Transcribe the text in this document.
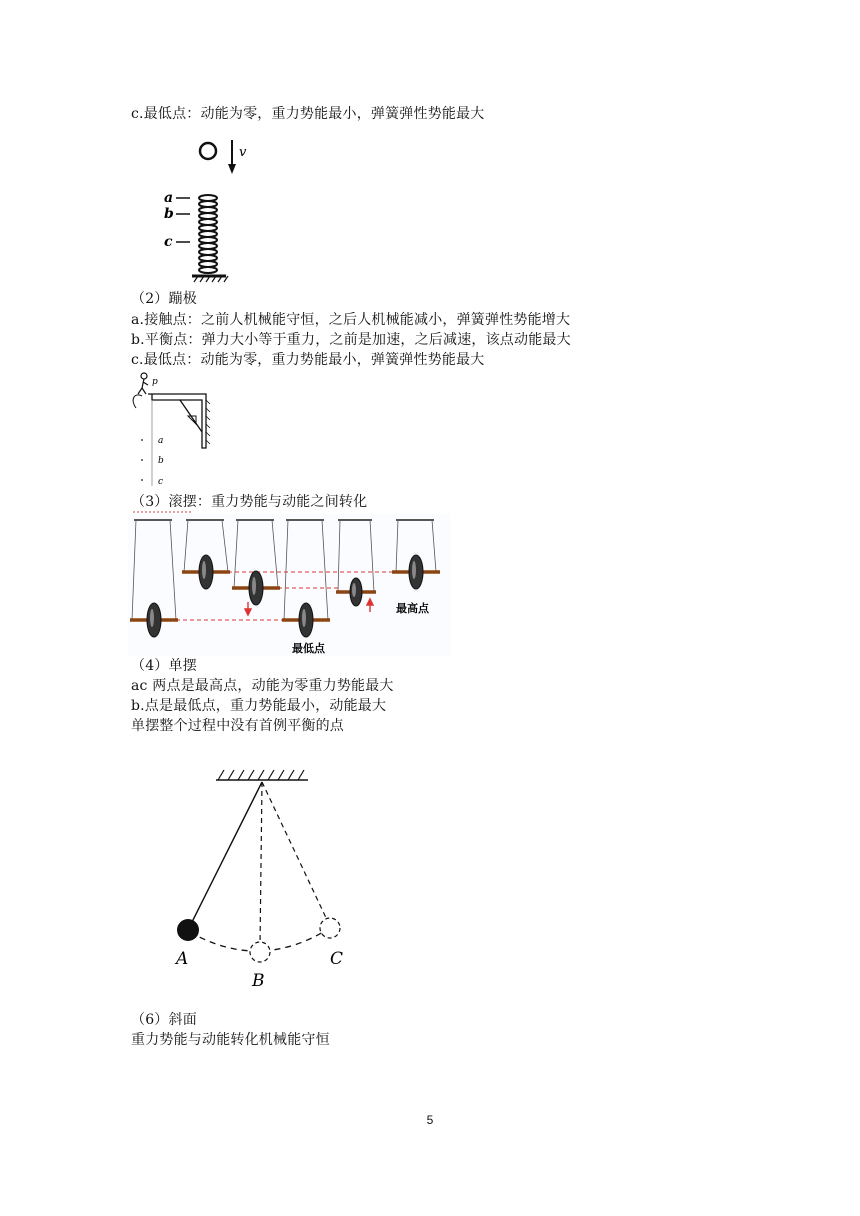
c.最低点：动能为零，重力势能最小，弹簧弹性势能最大
v
a
b
c
（2）蹦极
a.接触点：之前人机械能守恒，之后人机械能减小，弹簧弹性势能增大
b.平衡点：弹力大小等于重力，之前是加速，之后减速，该点动能最大
c.最低点：动能为零，重力势能最小，弹簧弹性势能最大
p
a
b
c
（3）滚摆：重力势能与动能之间转化
最高点
最低点
（4）单摆
ac 两点是最高点，动能为零重力势能最大
b.点是最低点，重力势能最小，动能最大
单摆整个过程中没有首例平衡的点
A
B
C
（6）斜面
重力势能与动能转化机械能守恒
5
